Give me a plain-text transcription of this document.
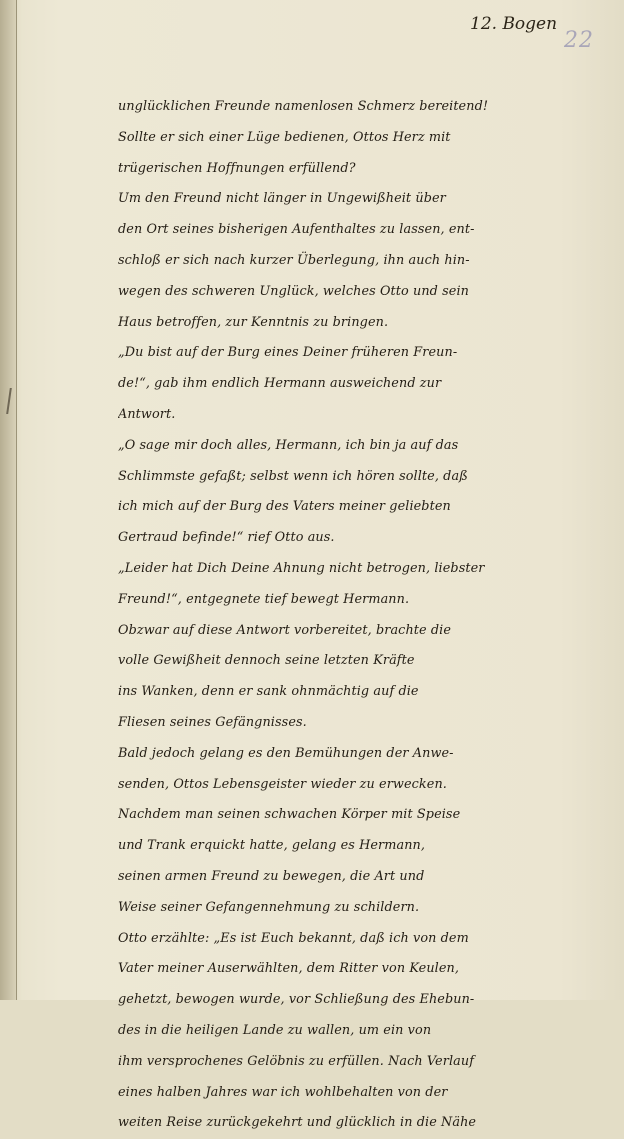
12. Bogen
22
unglücklichen Freunde namenlosen Schmerz bereitend!
Sollte er sich einer Lüge bedienen, Ottos Herz mit
trügerischen Hoffnungen erfüllend?
Um den Freund nicht länger in Ungewißheit über
den Ort seines bisherigen Aufenthaltes zu lassen, ent-
schloß er sich nach kurzer Überlegung, ihn auch hin-
wegen des schweren Unglück, welches Otto und sein
Haus betroffen, zur Kenntnis zu bringen.
„Du bist auf der Burg eines Deiner früheren Freun-
de!“, gab ihm endlich Hermann ausweichend zur
Antwort.
„O sage mir doch alles, Hermann, ich bin ja auf das
Schlimmste gefaßt; selbst wenn ich hören sollte, daß
ich mich auf der Burg des Vaters meiner geliebten
Gertraud befinde!“ rief Otto aus.
„Leider hat Dich Deine Ahnung nicht betrogen, liebster
Freund!“, entgegnete tief bewegt Hermann.
Obzwar auf diese Antwort vorbereitet, brachte die
volle Gewißheit dennoch seine letzten Kräfte
ins Wanken, denn er sank ohnmächtig auf die
Fliesen seines Gefängnisses.
Bald jedoch gelang es den Bemühungen der Anwe-
senden, Ottos Lebensgeister wieder zu erwecken.
Nachdem man seinen schwachen Körper mit Speise
und Trank erquickt hatte, gelang es Hermann,
seinen armen Freund zu bewegen, die Art und
Weise seiner Gefangennehmung zu schildern.
Otto erzählte: „Es ist Euch bekannt, daß ich von dem
Vater meiner Auserwählten, dem Ritter von Keulen,
gehetzt, bewogen wurde, vor Schließung des Ehebun-
des in die heiligen Lande zu wallen, um ein von
ihm versprochenes Gelöbnis zu erfüllen. Nach Verlauf
eines halben Jahres war ich wohlbehalten von der
weiten Reise zurückgekehrt und glücklich in die Nähe
